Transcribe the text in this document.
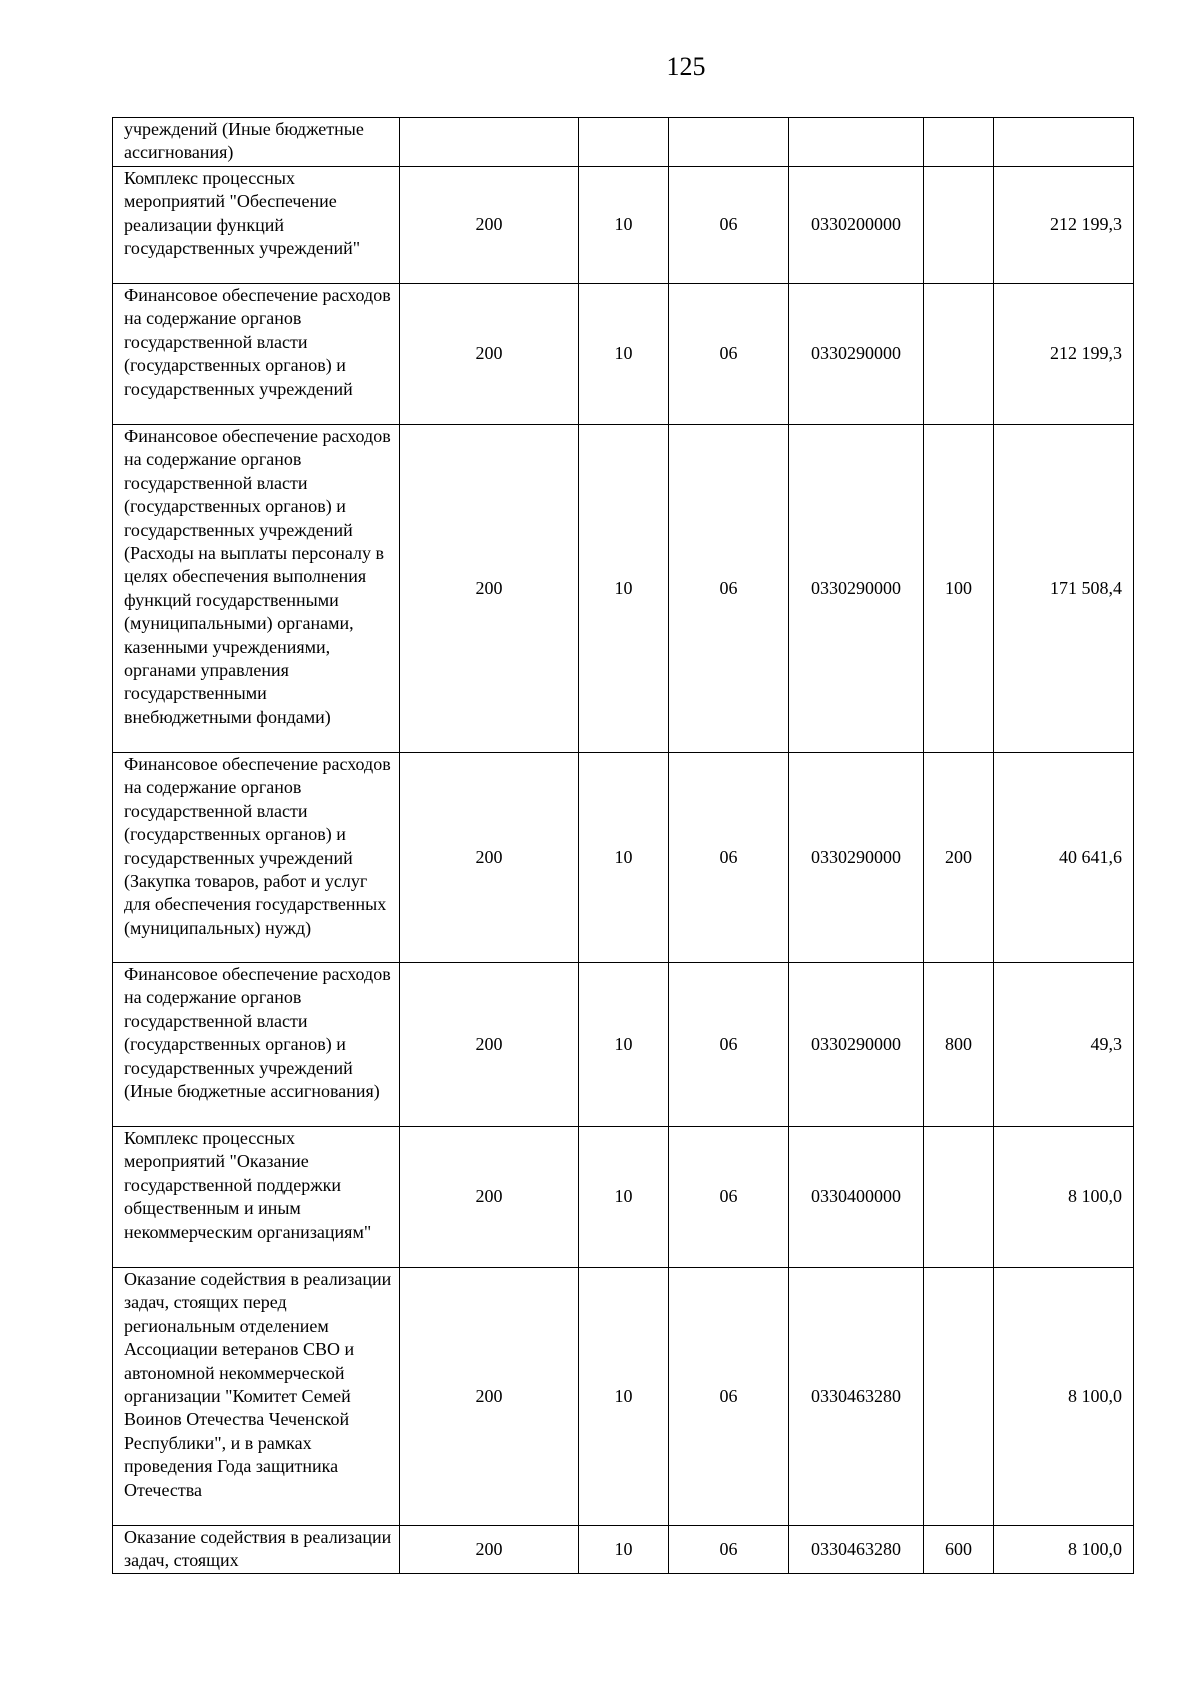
125
учреждений (Иные бюджетные ассигнования)						
Комплекс процессных мероприятий "Обеспечение реализации функций государственных учреждений"	200	10	06	0330200000		212 199,3
Финансовое обеспечение расходов на содержание органов государственной власти (государственных органов) и государственных учреждений	200	10	06	0330290000		212 199,3
Финансовое обеспечение расходов на содержание органов государственной власти (государственных органов) и государственных учреждений (Расходы на выплаты персоналу в целях обеспечения выполнения функций государственными (муниципальными) органами, казенными учреждениями, органами управления государственными внебюджетными фондами)	200	10	06	0330290000	100	171 508,4
Финансовое обеспечение расходов на содержание органов государственной власти (государственных органов) и государственных учреждений (Закупка товаров, работ и услуг для обеспечения государственных (муниципальных) нужд)	200	10	06	0330290000	200	40 641,6
Финансовое обеспечение расходов на содержание органов государственной власти (государственных органов) и государственных учреждений (Иные бюджетные ассигнования)	200	10	06	0330290000	800	49,3
Комплекс процессных мероприятий "Оказание государственной поддержки общественным и иным некоммерческим организациям"	200	10	06	0330400000		8 100,0
Оказание содействия в реализации задач, стоящих перед региональным отделением Ассоциации ветеранов СВО и автономной некоммерческой организации "Комитет Семей Воинов Отечества Чеченской Республики", и в рамках проведения Года защитника Отечества	200	10	06	0330463280		8 100,0
Оказание содействия в реализации задач, стоящих	200	10	06	0330463280	600	8 100,0
